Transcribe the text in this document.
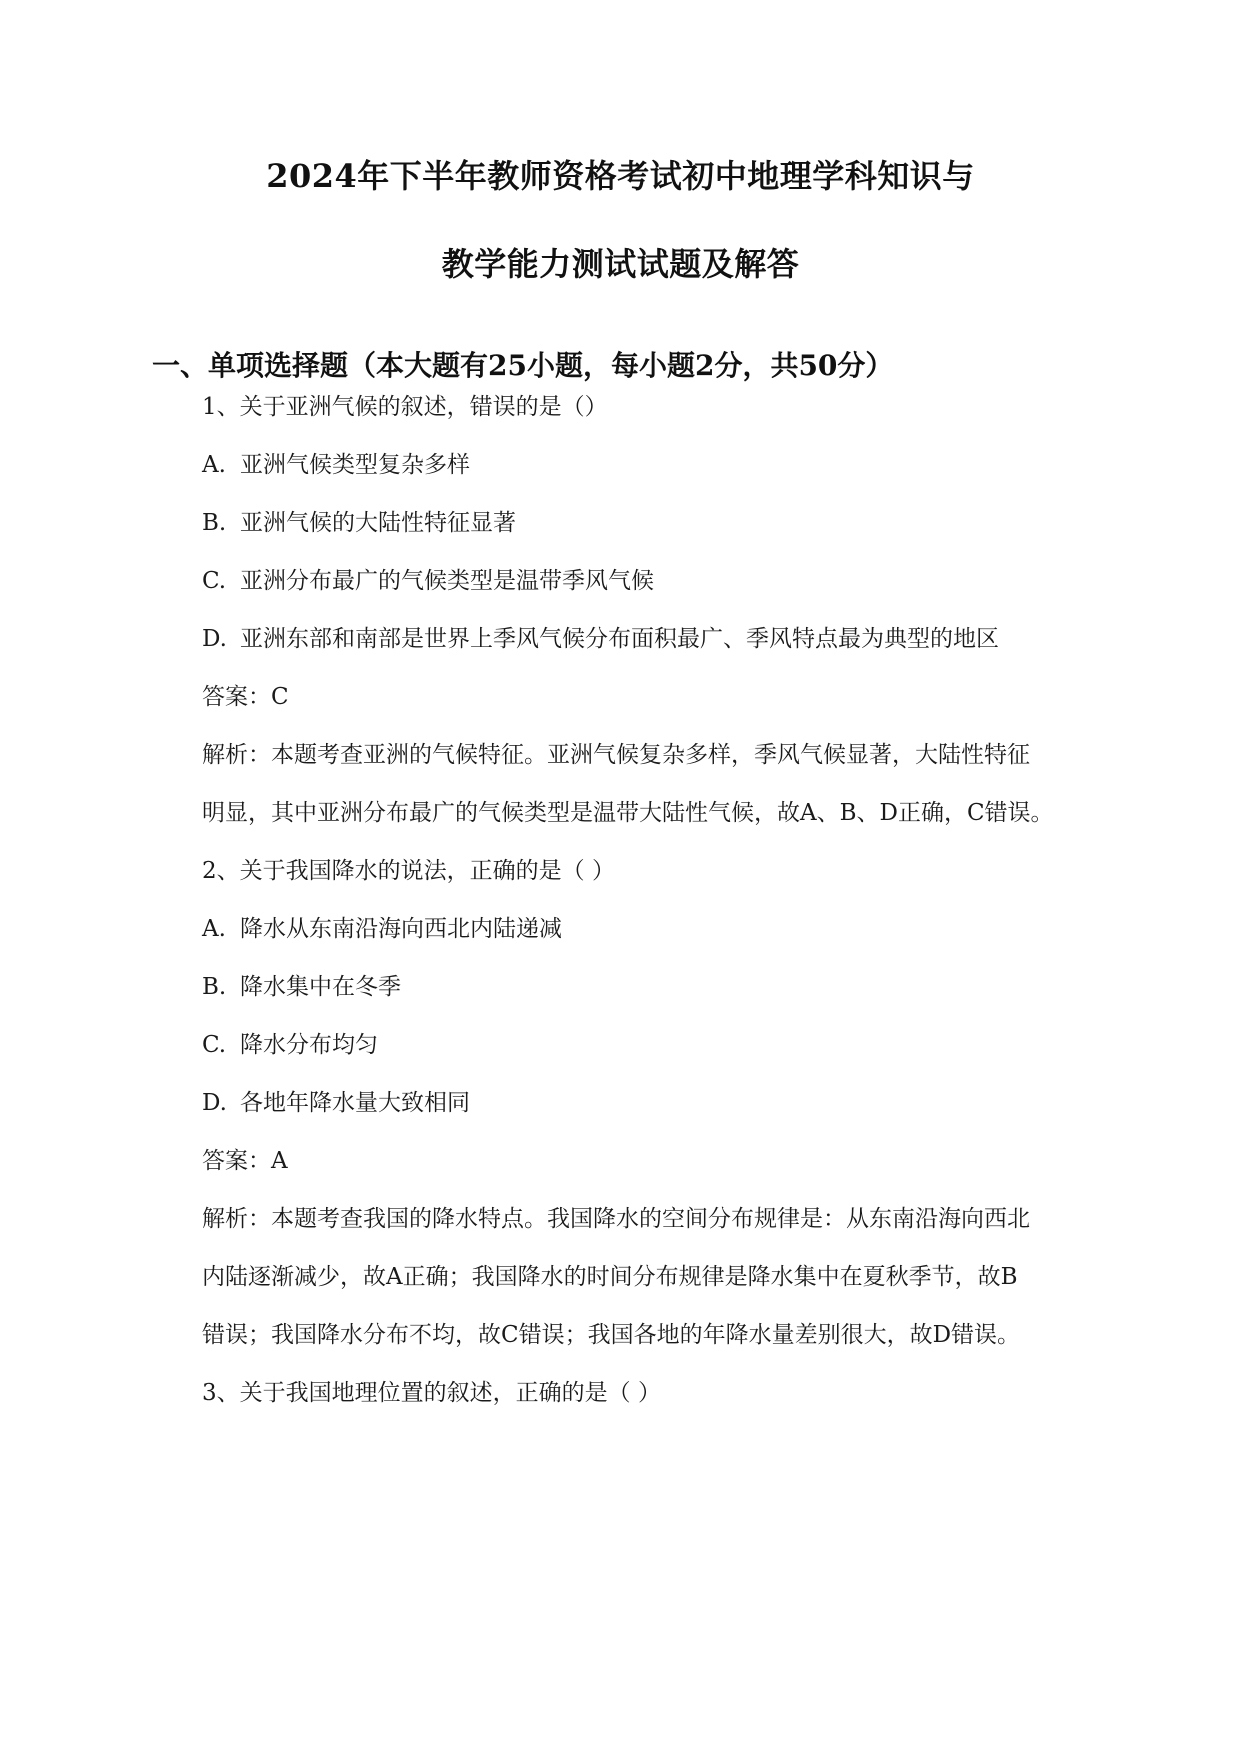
2024年下半年教师资格考试初中地理学科知识与
教学能力测试试题及解答
一、单项选择题（本大题有25小题，每小题2分，共50分）
1、关于亚洲气候的叙述，错误的是（）
A. 亚洲气候类型复杂多样
B. 亚洲气候的大陆性特征显著
C. 亚洲分布最广的气候类型是温带季风气候
D. 亚洲东部和南部是世界上季风气候分布面积最广、季风特点最为典型的地区
答案：C
解析：本题考查亚洲的气候特征。亚洲气候复杂多样，季风气候显著，大陆性特征
明显，其中亚洲分布最广的气候类型是温带大陆性气候，故A、B、D正确，C错误。
2、关于我国降水的说法，正确的是（ ）
A. 降水从东南沿海向西北内陆递减
B. 降水集中在冬季
C. 降水分布均匀
D. 各地年降水量大致相同
答案：A
解析：本题考查我国的降水特点。我国降水的空间分布规律是：从东南沿海向西北
内陆逐渐减少，故A正确；我国降水的时间分布规律是降水集中在夏秋季节，故B
错误；我国降水分布不均，故C错误；我国各地的年降水量差别很大，故D错误。
3、关于我国地理位置的叙述，正确的是（ ）
